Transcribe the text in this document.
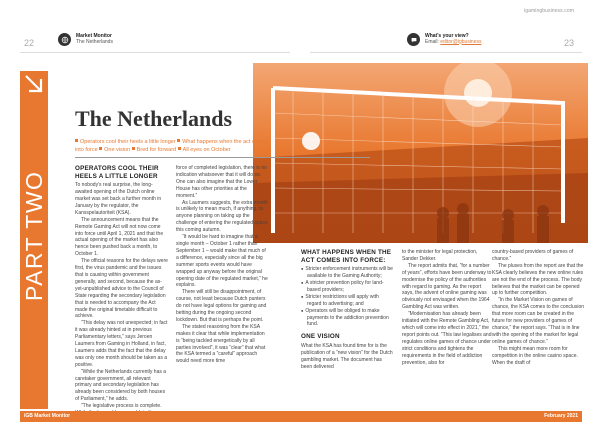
igamingbusiness.com
22	23
Market Monitor
The Netherlands
What's your view?
Email: editor@igbusiness
PART TWO
The Netherlands
Operators cool their heels a little longer What happens when the act comes
into force One vision Bred for forward All eyes on October
OPERATORS COOL THEIR HEELS A LITTLE LONGER

To nobody's real surprise, the long-awaited opening of the Dutch online market was set back a further month in January by the regulator, the Kansspelautoriteit (KSA).

The announcement means that the Remote Gaming Act will not now come into force until April 1, 2021 and that the actual opening of the market has also hence been pushed back a month, to October 1.

The official reasons for the delays were first, the virus pandemic and the issues that is causing within government generally, and second, because the as-yet-unpublished advice to the Council of State regarding the secondary legislation that is needed to accompany the Act made the original timetable difficult to achieve.

“This delay was not unexpected; in fact it was already hinted at in previous Parliamentary letters,” says Jeroen Laumers from Gaming in Holland, in fact, Laumers adds that the fact that the delay was only one month should be taken as a positive.

“While the Netherlands currently has a caretaker government, all relevant primary and secondary legislation has already been considered by both houses of Parliament,” he adds.

“The legislative process is complete.

force of completed legislation, there is no indication whatsoever that it will do so. One can also imagine that the Lower House has other priorities at the moment.”

As Laumers suggests, the extra month is unlikely to mean much, if anything, to anyone planning on taking up the challenge of entering the regulated space this coming autumn.

“It would be hard to imagine that a single month – October 1 rather than September 1 – would make that much of a difference, especially since all the big summer sports events would have wrapped up anyway before the original opening date of the regulated market,” he explains.

There will still be disappointment, of course, not least because Dutch punters do not have legal options for gaming and betting during the ongoing second lockdown. But that is perhaps the point.

The stated reasoning from the KSA makes it clear that while implementation is “being tackled energetically by all parties involved”, it was “clear” that what the KSA termed a “careful” approach would need more time

WHAT HAPPENS WHEN THE ACT COMES INTO FORCE:
● Stricter enforcement instruments will be available to the Gaming Authority;
● A stricter prevention policy for land-based providers;
● Stricter restrictions will apply with regard to advertising; and
● Operators will be obliged to make payments to the addiction prevention fund.
ONE VISION

What the KSA has found time for is the publication of a “new vision” for the Dutch gambling market. The document has been delivered

to the minister for legal protection, Sander Dekker.

The report admits that, “for a number of years”, efforts have been underway to modernise the policy of the authorities with regard to gaming. As the report says, the advent of online gaming was obviously not envisaged when the 1964 Gambling Act was written.

“Modernisation has already been initiated with the Remote Gambling Act, which will come into effect in 2021,” the report points out. “This law legalises and regulates online games of chance under strict conditions and tightens the requirements in the field of addiction prevention, also for

country-based providers of games of chance.”

The pluses from the report are that the KSA clearly believes the new online rules are not the end of the process. The body believes that the market can be opened up to further competition.

“In the Market Vision on games of chance, the KSA comes to the conclusion that more room can be created in the future for new providers of games of chance,” the report says. “That is in line with the opening of the market for legal online games of chance.”

This might mean more room for competition in the online casino space. When the draft of

iGB Market Monitor	February 2021
